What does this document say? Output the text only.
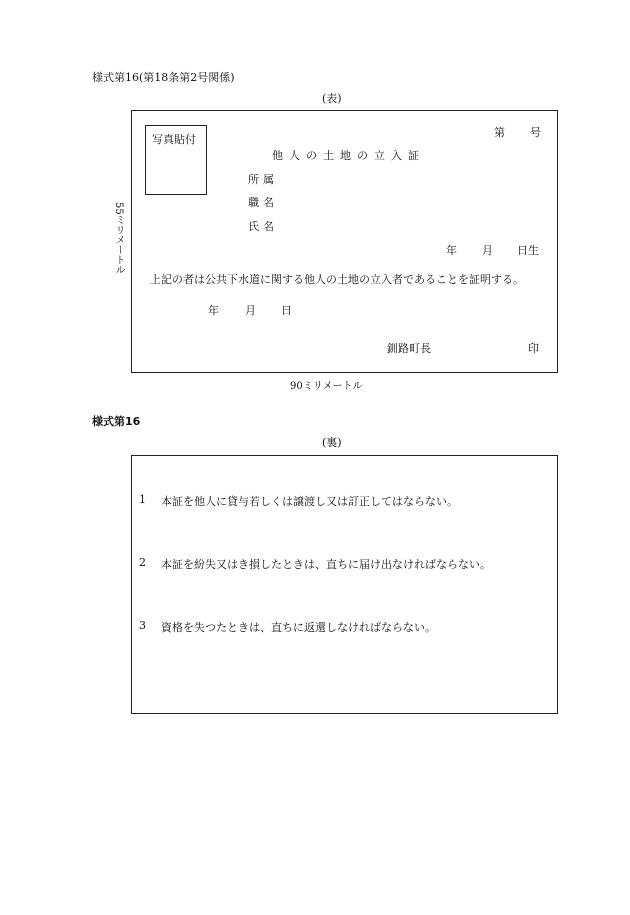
様式第16(第18条第2号関係)
(表)
写真貼付
第 号
他人の土地の立入証
所属
職名
氏名
年 月 日生
上記の者は公共下水道に関する他人の土地の立入者であることを証明する。
年 月 日
釧路町長	印
55ミリメートル
90ミリメートル
様式第16
(裏)
1 本証を他人に貸与若しくは譲渡し又は訂正してはならない。
2 本証を紛失又はき損したときは、直ちに届け出なければならない。
3 資格を失つたときは、直ちに返還しなければならない。
